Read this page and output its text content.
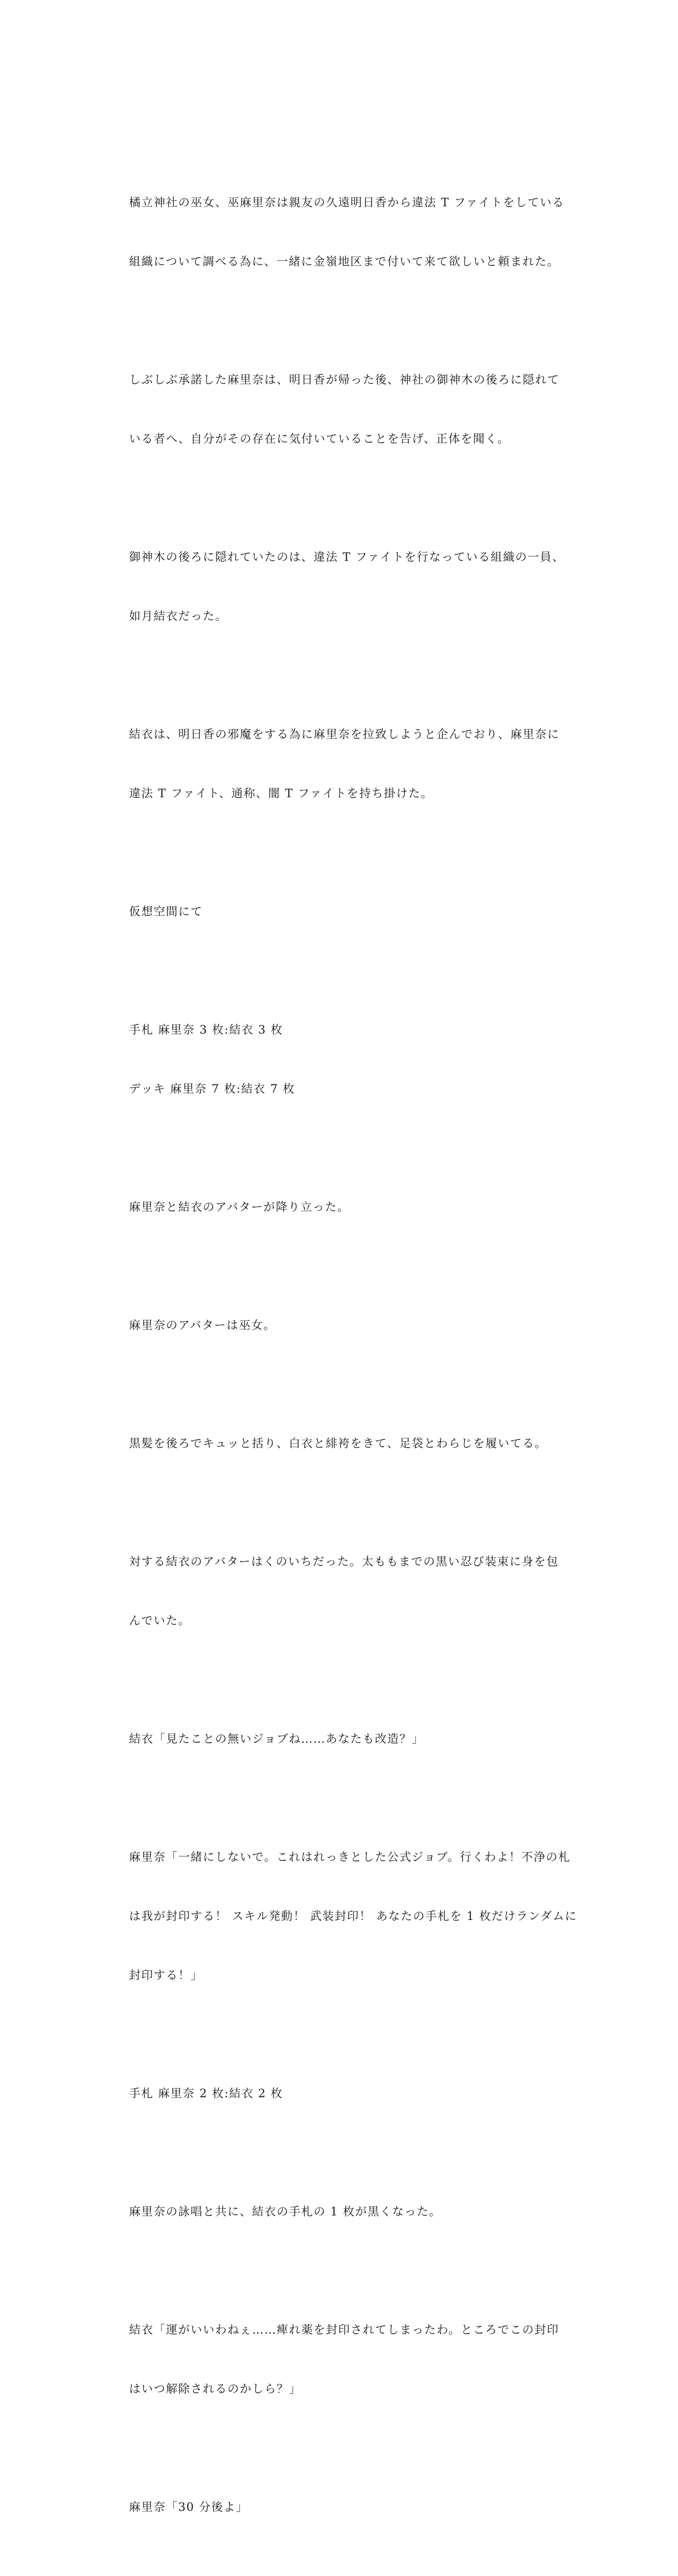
橘立神社の巫女、巫麻里奈は親友の久遠明日香から違法 T ファイトをしている

組織について調べる為に、一緒に金嶺地区まで付いて来て欲しいと頼まれた。

しぶしぶ承諾した麻里奈は、明日香が帰った後、神社の御神木の後ろに隠れて

いる者へ、自分がその存在に気付いていることを告げ、正体を聞く。

御神木の後ろに隠れていたのは、違法 T ファイトを行なっている組織の一員、

如月結衣だった。

結衣は、明日香の邪魔をする為に麻里奈を拉致しようと企んでおり、麻里奈に

違法 T ファイト、通称、闇 T ファイトを持ち掛けた。

仮想空間にて

手札 麻里奈 3 枚:結衣 3 枚

デッキ 麻里奈 7 枚:結衣 7 枚

麻里奈と結衣のアバターが降り立った。

麻里奈のアバターは巫女。

黒髪を後ろでキュッと括り、白衣と緋袴をきて、足袋とわらじを履いてる。

対する結衣のアバターはくのいちだった。太ももまでの黒い忍び装束に身を包

んでいた。

結衣「見たことの無いジョブね……あなたも改造？」

麻里奈「一緒にしないで。これはれっきとした公式ジョブ。行くわよ！不浄の札

は我が封印する！ スキル発動！ 武装封印！ あなたの手札を 1 枚だけランダムに

封印する！」

手札 麻里奈 2 枚:結衣 2 枚

麻里奈の詠唱と共に、結衣の手札の 1 枚が黒くなった。

結衣「運がいいわねぇ……痺れ薬を封印されてしまったわ。ところでこの封印

はいつ解除されるのかしら？」

麻里奈「30 分後よ」
